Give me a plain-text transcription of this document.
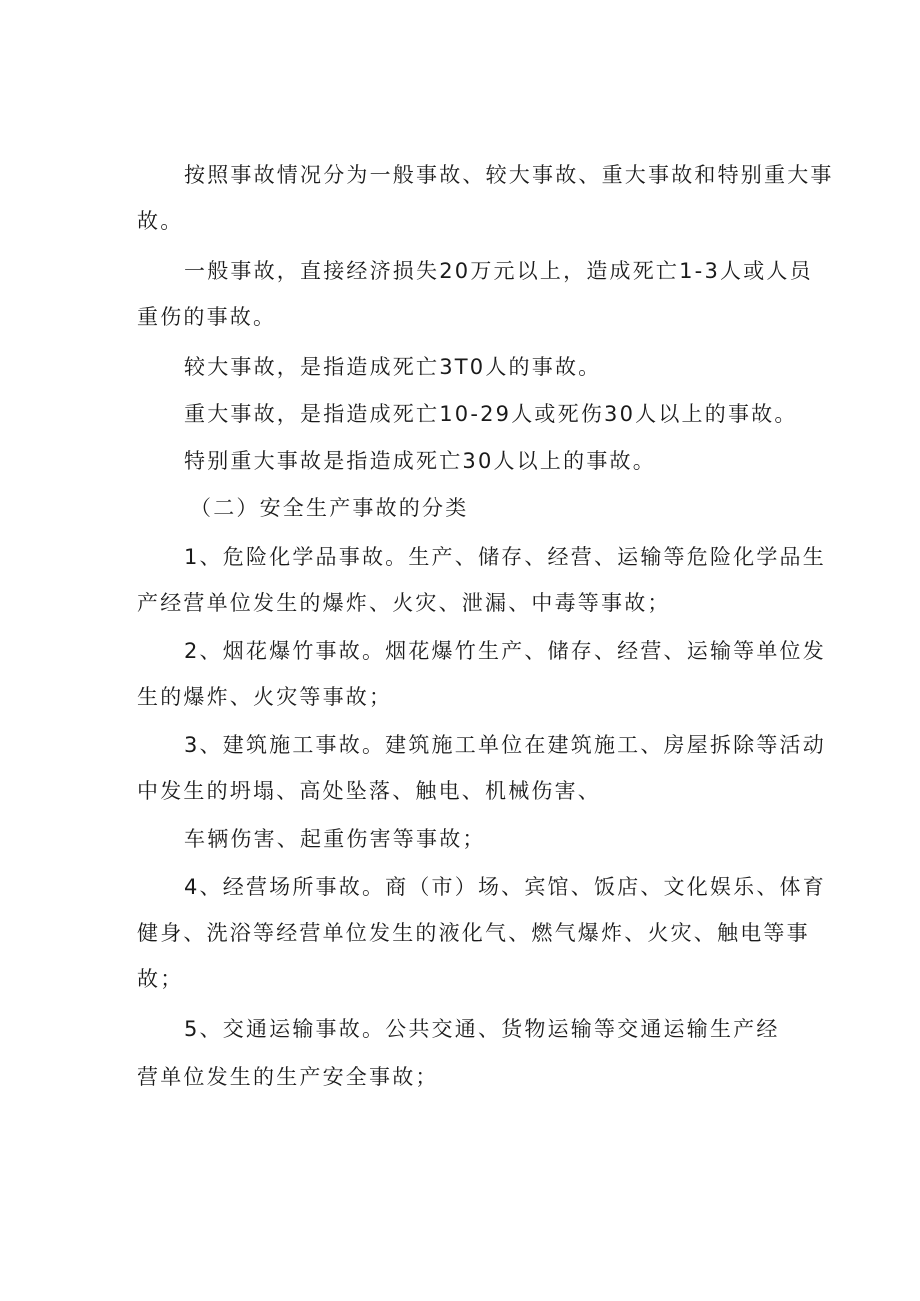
按照事故情况分为一般事故、较大事故、重大事故和特别重大事
故。
一般事故，直接经济损失20万元以上，造成死亡1-3人或人员
重伤的事故。
较大事故，是指造成死亡3T0人的事故。
重大事故，是指造成死亡10-29人或死伤30人以上的事故。
特别重大事故是指造成死亡30人以上的事故。
（二）安全生产事故的分类
1、危险化学品事故。生产、储存、经营、运输等危险化学品生
产经营单位发生的爆炸、火灾、泄漏、中毒等事故；
2、烟花爆竹事故。烟花爆竹生产、储存、经营、运输等单位发
生的爆炸、火灾等事故；
3、建筑施工事故。建筑施工单位在建筑施工、房屋拆除等活动
中发生的坍塌、高处坠落、触电、机械伤害、
车辆伤害、起重伤害等事故；
4、经营场所事故。商（市）场、宾馆、饭店、文化娱乐、体育
健身、洗浴等经营单位发生的液化气、燃气爆炸、火灾、触电等事
故；
5、交通运输事故。公共交通、货物运输等交通运输生产经
营单位发生的生产安全事故；
